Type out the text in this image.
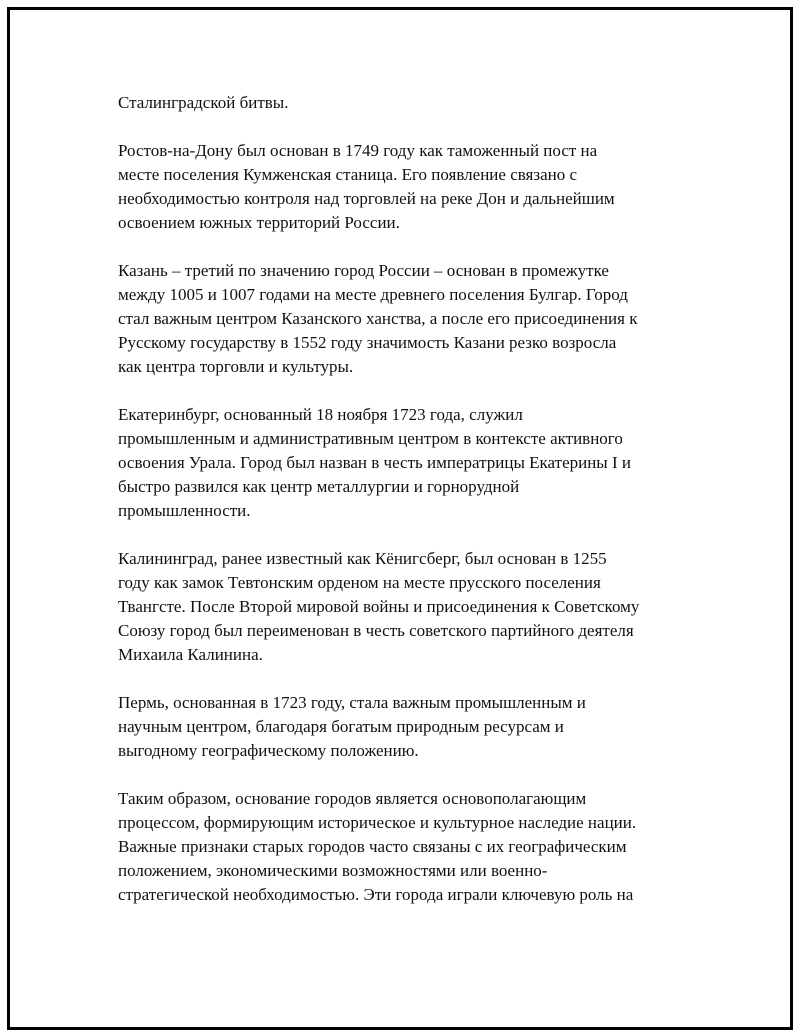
Сталинградской битвы.

Ростов-на-Дону был основан в 1749 году как таможенный пост на
месте поселения Кумженская станица. Его появление связано с
необходимостью контроля над торговлей на реке Дон и дальнейшим
освоением южных территорий России.

Казань – третий по значению город России – основан в промежутке
между 1005 и 1007 годами на месте древнего поселения Булгар. Город
стал важным центром Казанского ханства, а после его присоединения к
Русскому государству в 1552 году значимость Казани резко возросла
как центра торговли и культуры.

Екатеринбург, основанный 18 ноября 1723 года, служил
промышленным и административным центром в контексте активного
освоения Урала. Город был назван в честь императрицы Екатерины I и
быстро развился как центр металлургии и горнорудной
промышленности.

Калининград, ранее известный как Кёнигсберг, был основан в 1255
году как замок Тевтонским орденом на месте прусского поселения
Твангсте. После Второй мировой войны и присоединения к Советскому
Союзу город был переименован в честь советского партийного деятеля
Михаила Калинина.

Пермь, основанная в 1723 году, стала важным промышленным и
научным центром, благодаря богатым природным ресурсам и
выгодному географическому положению.

Таким образом, основание городов является основополагающим
процессом, формирующим историческое и культурное наследие нации.
Важные признаки старых городов часто связаны с их географическим
положением, экономическими возможностями или военно-
стратегической необходимостью. Эти города играли ключевую роль на
